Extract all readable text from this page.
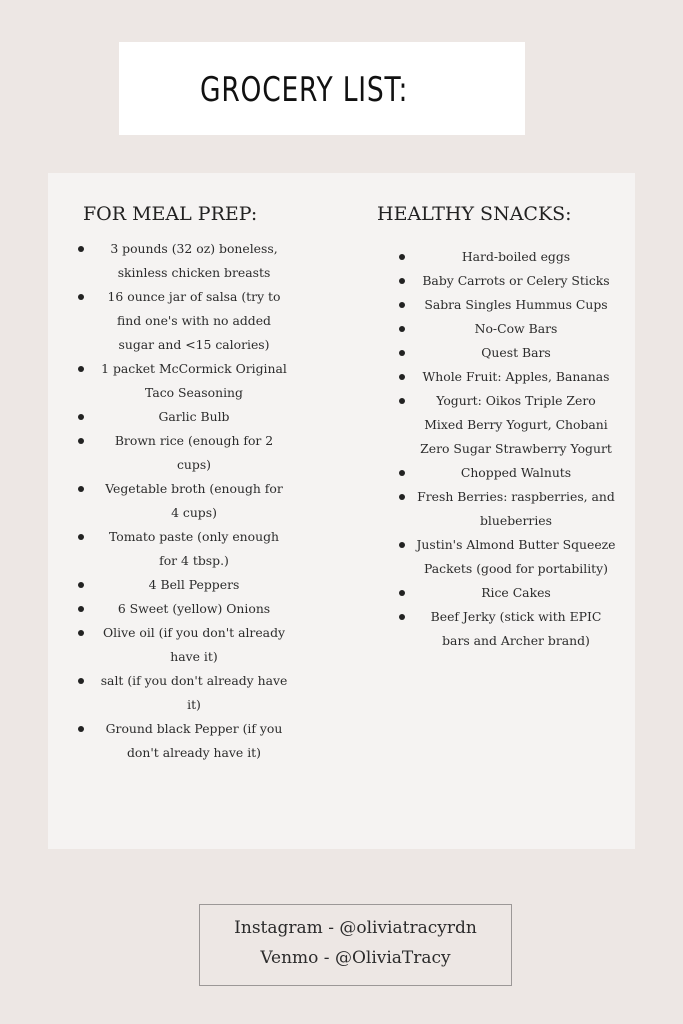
GROCERY LIST:
FOR MEAL PREP:
3 pounds (32 oz) boneless, skinless chicken breasts
16 ounce jar of salsa (try to find one's with no added sugar and <15 calories)
1 packet McCormick Original Taco Seasoning
Garlic Bulb
Brown rice (enough for 2 cups)
Vegetable broth (enough for 4 cups)
Tomato paste (only enough for 4 tbsp.)
4 Bell Peppers
6 Sweet (yellow) Onions
Olive oil (if you don't already have it)
salt (if you don't already have it)
Ground black Pepper (if you don't already have it)
HEALTHY SNACKS:
Hard-boiled eggs
Baby Carrots or Celery Sticks
Sabra Singles Hummus Cups
No-Cow Bars
Quest Bars
Whole Fruit: Apples, Bananas
Yogurt: Oikos Triple Zero Mixed Berry Yogurt, Chobani Zero Sugar Strawberry Yogurt
Chopped Walnuts
Fresh Berries: raspberries, and blueberries
Justin's Almond Butter Squeeze Packets (good for portability)
Rice Cakes
Beef Jerky (stick with EPIC bars and Archer brand)
Instagram - @oliviatracyrdn
Venmo - @OliviaTracy
